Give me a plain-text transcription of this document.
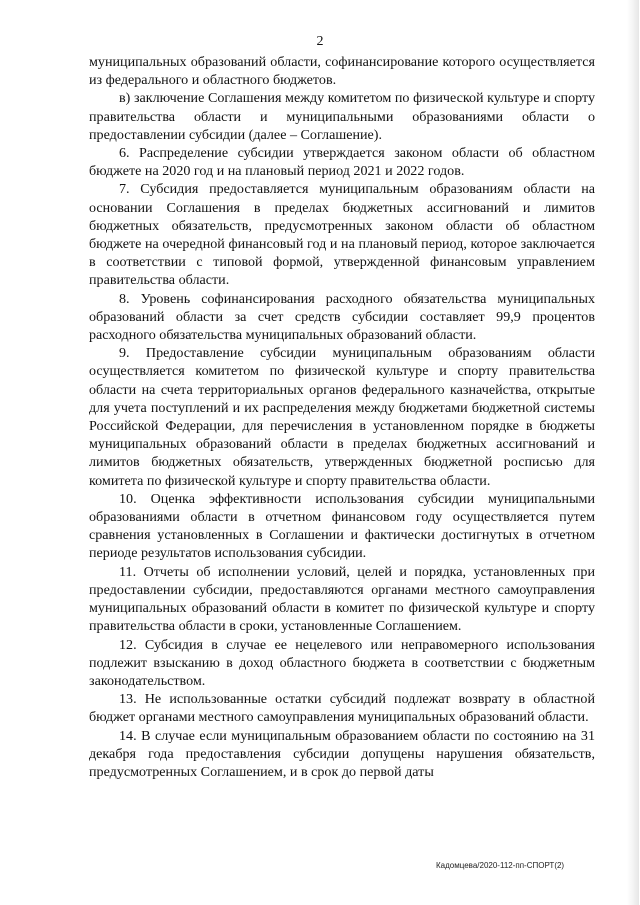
2

муниципальных образований области, софинансирование которого осуществляется из федерального и областного бюджетов.

в) заключение Соглашения между комитетом по физической культуре и спорту правительства области и муниципальными образованиями области о предоставлении субсидии (далее – Соглашение).

6. Распределение субсидии утверждается законом области об областном бюджете на 2020 год и на плановый период 2021 и 2022 годов.

7. Субсидия предоставляется муниципальным образованиям области на основании Соглашения в пределах бюджетных ассигнований и лимитов бюджетных обязательств, предусмотренных законом области об областном бюджете на очередной финансовый год и на плановый период, которое заключается в соответствии с типовой формой, утвержденной финансовым управлением правительства области.

8. Уровень софинансирования расходного обязательства муниципальных образований области за счет средств субсидии составляет 99,9 процентов расходного обязательства муниципальных образований области.

9. Предоставление субсидии муниципальным образованиям области осуществляется комитетом по физической культуре и спорту правительства области на счета территориальных органов федерального казначейства, открытые для учета поступлений и их распределения между бюджетами бюджетной системы Российской Федерации, для перечисления в установленном порядке в бюджеты муниципальных образований области в пределах бюджетных ассигнований и лимитов бюджетных обязательств, утвержденных бюджетной росписью для комитета по физической культуре и спорту правительства области.

10. Оценка эффективности использования субсидии муниципальными образованиями области в отчетном финансовом году осуществляется путем сравнения установленных в Соглашении и фактически достигнутых в отчетном периоде результатов использования субсидии.

11. Отчеты об исполнении условий, целей и порядка, установленных при предоставлении субсидии, предоставляются органами местного самоуправления муниципальных образований области в комитет по физической культуре и спорту правительства области в сроки, установленные Соглашением.

12. Субсидия в случае ее нецелевого или неправомерного использования подлежит взысканию в доход областного бюджета в соответствии с бюджетным законодательством.

13. Не использованные остатки субсидий подлежат возврату в областной бюджет органами местного самоуправления муниципальных образований области.

14. В случае если муниципальным образованием области по состоянию на 31 декабря года предоставления субсидии допущены нарушения обязательств, предусмотренных Соглашением, и в срок до первой даты

Кадомцева/2020-112-пп-СПОРТ(2)
